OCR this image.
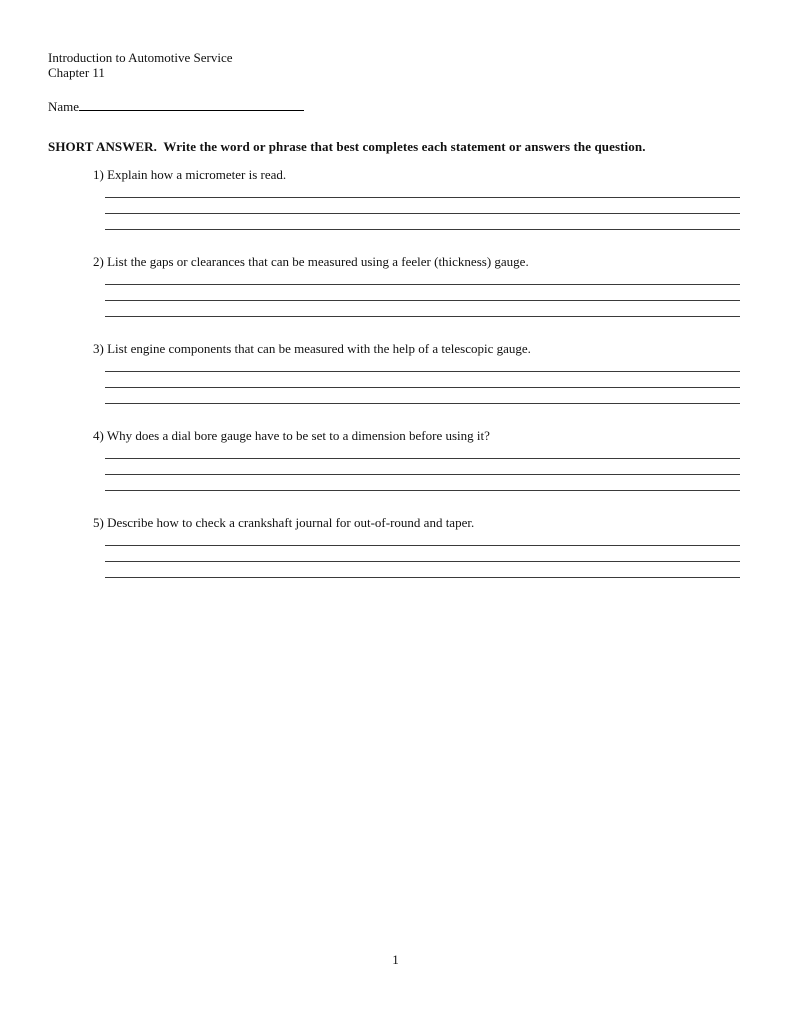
Introduction to Automotive Service
Chapter 11
Name
SHORT ANSWER.  Write the word or phrase that best completes each statement or answers the question.
1) Explain how a micrometer is read.
2) List the gaps or clearances that can be measured using a feeler (thickness) gauge.
3) List engine components that can be measured with the help of a telescopic gauge.
4) Why does a dial bore gauge have to be set to a dimension before using it?
5) Describe how to check a crankshaft journal for out-of-round and taper.
1
